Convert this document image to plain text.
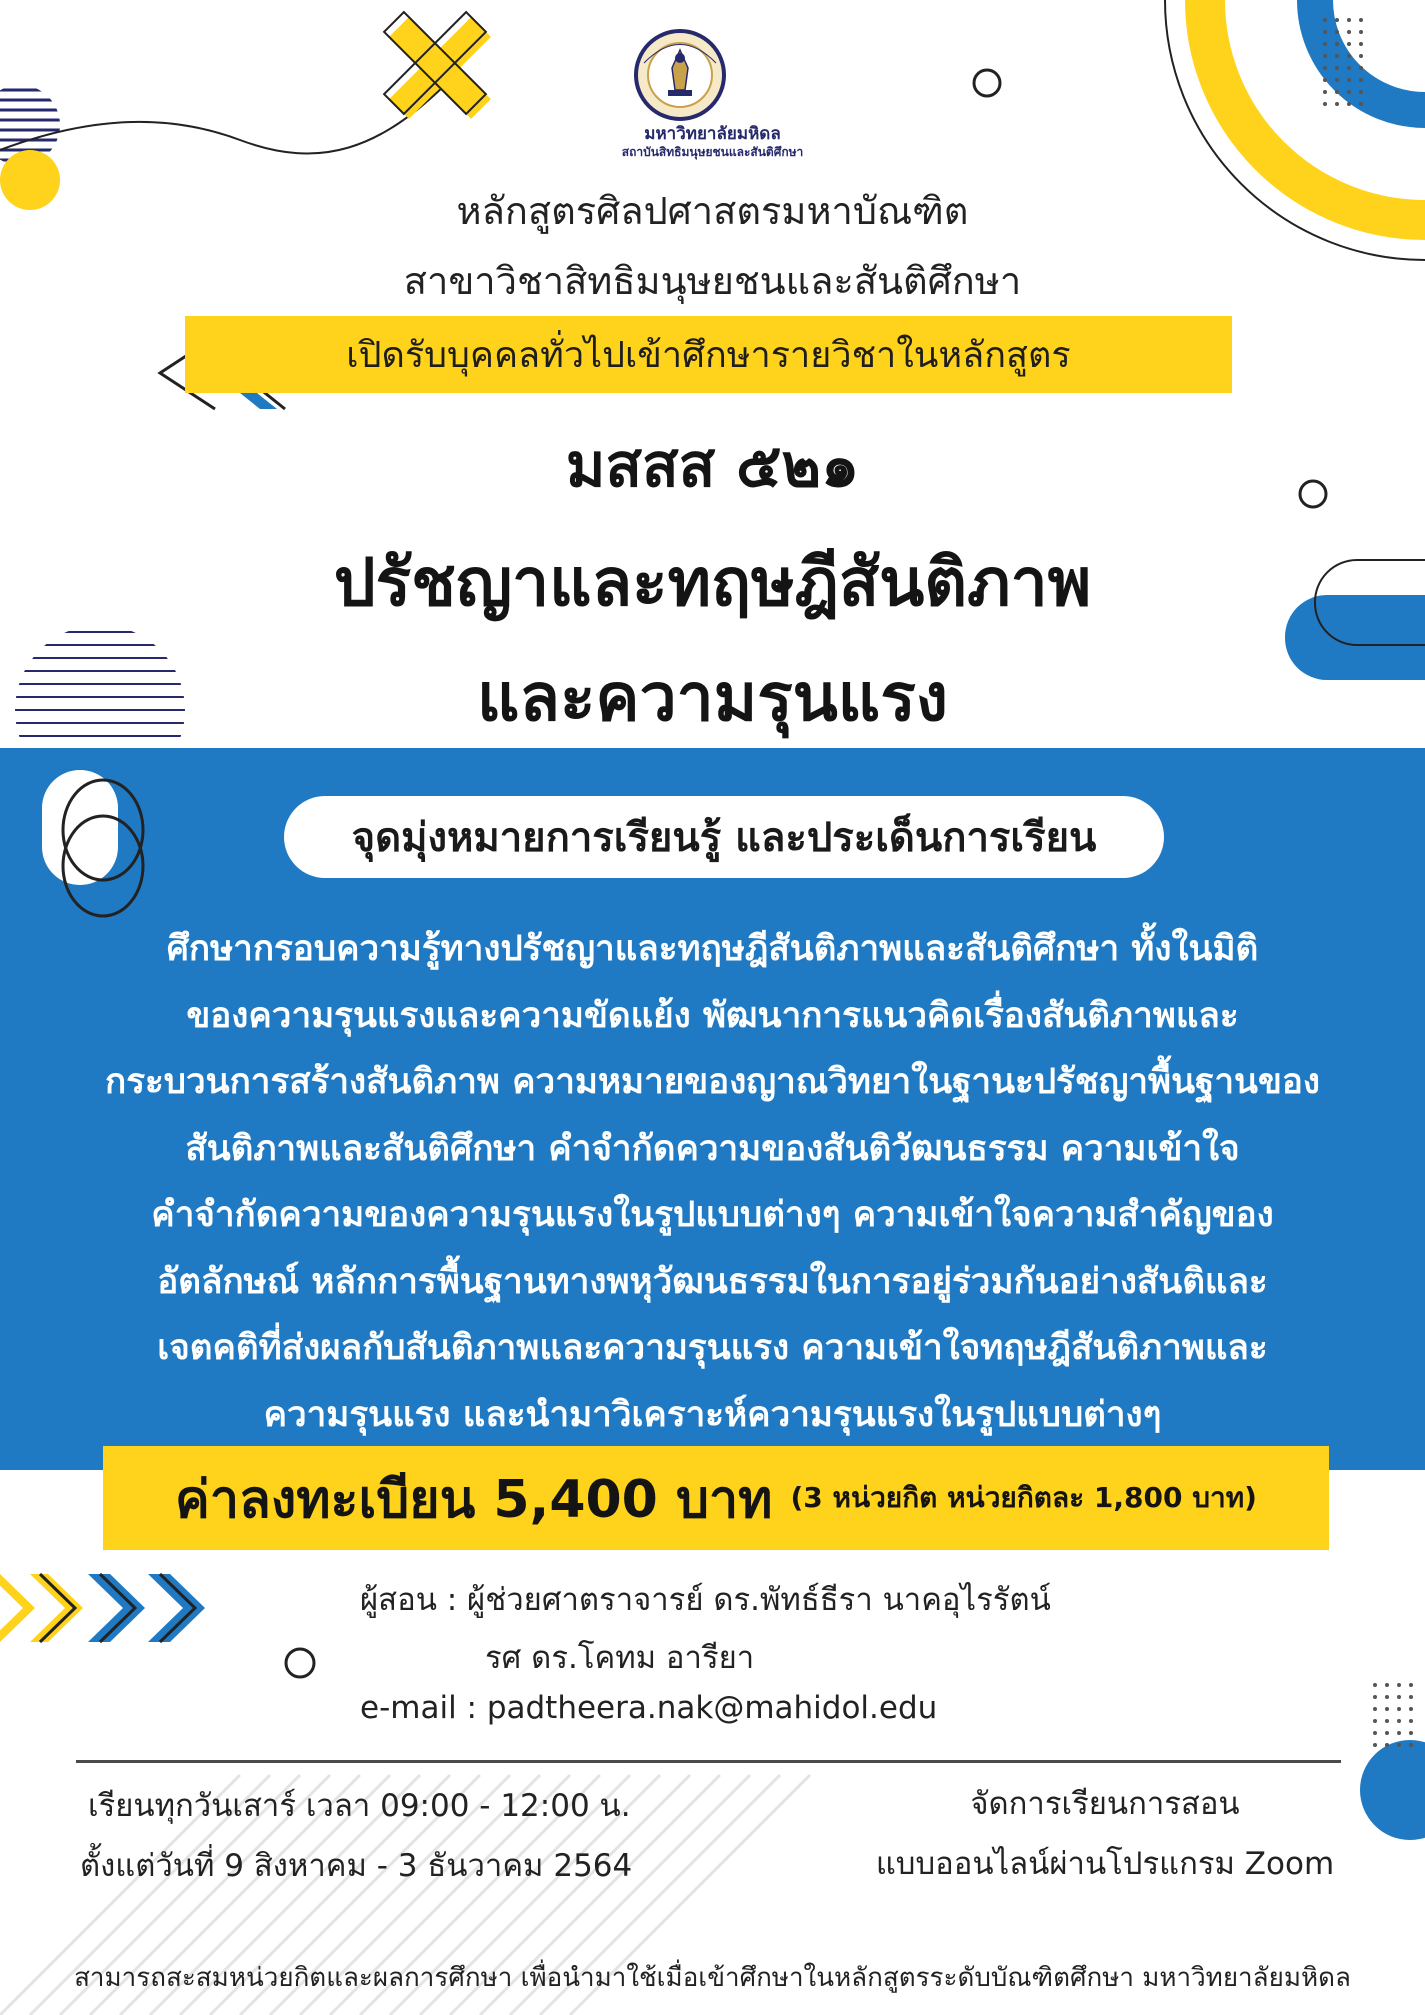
มหาวิทยาลัยมหิดล
สถาบันสิทธิมนุษยชนและสันติศึกษา
หลักสูตรศิลปศาสตรมหาบัณฑิต
สาขาวิชาสิทธิมนุษยชนและสันติศึกษา
เปิดรับบุคคลทั่วไปเข้าศึกษารายวิชาในหลักสูตร
มสสส ๕๒๑
ปรัชญาและทฤษฎีสันติภาพ
และความรุนแรง
จุดมุ่งหมายการเรียนรู้ และประเด็นการเรียน
ศึกษากรอบความรู้ทางปรัชญาและทฤษฎีสันติภาพและสันติศึกษา ทั้งในมิติ
ของความรุนแรงและความขัดแย้ง พัฒนาการแนวคิดเรื่องสันติภาพและ
กระบวนการสร้างสันติภาพ ความหมายของญาณวิทยาในฐานะปรัชญาพื้นฐานของ
สันติภาพและสันติศึกษา คำจำกัดความของสันติวัฒนธรรม ความเข้าใจ
คำจำกัดความของความรุนแรงในรูปแบบต่างๆ ความเข้าใจความสำคัญของ
อัตลักษณ์ หลักการพื้นฐานทางพหุวัฒนธรรมในการอยู่ร่วมกันอย่างสันติและ
เจตคติที่ส่งผลกับสันติภาพและความรุนแรง ความเข้าใจทฤษฎีสันติภาพและ
ความรุนแรง และนำมาวิเคราะห์ความรุนแรงในรูปแบบต่างๆ
ค่าลงทะเบียน 5,400 บาท (3 หน่วยกิต หน่วยกิตละ 1,800 บาท)
ผู้สอน : ผู้ช่วยศาตราจารย์ ดร.พัทธ์ธีรา นาคอุไรรัตน์
รศ ดร.โคทม อารียา
e-mail : padtheera.nak@mahidol.edu
เรียนทุกวันเสาร์ เวลา 09:00 - 12:00 น.
ตั้งแต่วันที่ 9 สิงหาคม - 3 ธันวาคม 2564
จัดการเรียนการสอน
แบบออนไลน์ผ่านโปรแกรม Zoom
สามารถสะสมหน่วยกิตและผลการศึกษา เพื่อนำมาใช้เมื่อเข้าศึกษาในหลักสูตรระดับบัณฑิตศึกษา มหาวิทยาลัยมหิดล
